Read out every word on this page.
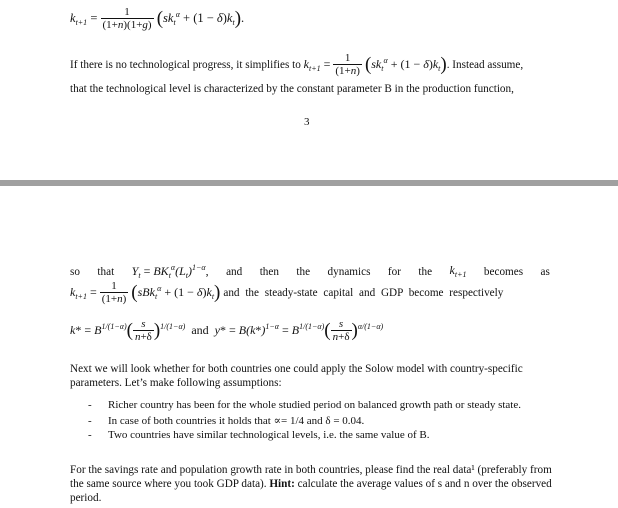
$k_{t+1} = \frac{1}{(1+n)(1+g)} (sk_t^\alpha + (1 - \delta)k_t)$.
If there is no technological progress, it simplifies to $k_{t+1} = \frac{1}{(1+n)} (sk_t^\alpha + (1 - \delta)k_t)$. Instead assume,
that the technological level is characterized by the constant parameter B in the production function,
3
so that $Y_t = BK_t^\alpha(L_t)^{1-\alpha}$, and then the dynamics for the $k_{t+1}$ becomes as
$k_{t+1} = \frac{1}{(1+n)} (sBk_t^\alpha + (1 - \delta)k_t)$ and the steady-state capital and GDP become respectively
$k* = B^{1/(1-\alpha)}( \frac{s}{n+\delta} )^{1/(1-\alpha)}$ and  $y* = B(k*)^{1-\alpha} = B^{1/(1-\alpha)}( \frac{s}{n+\delta} )^{\alpha/(1-\alpha)}$
Next we will look whether for both countries one could apply the Solow model with country-specific parameters. Let’s make following assumptions:
- Richer country has been for the whole studied period on balanced growth path or steady state.
- In case of both countries it holds that ∝= 1/4 and δ = 0.04.
- Two countries have similar technological levels, i.e. the same value of B.
For the savings rate and population growth rate in both countries, please find the real data¹ (preferably from the same source where you took GDP data). Hint: calculate the average values of s and n over the observed period.
